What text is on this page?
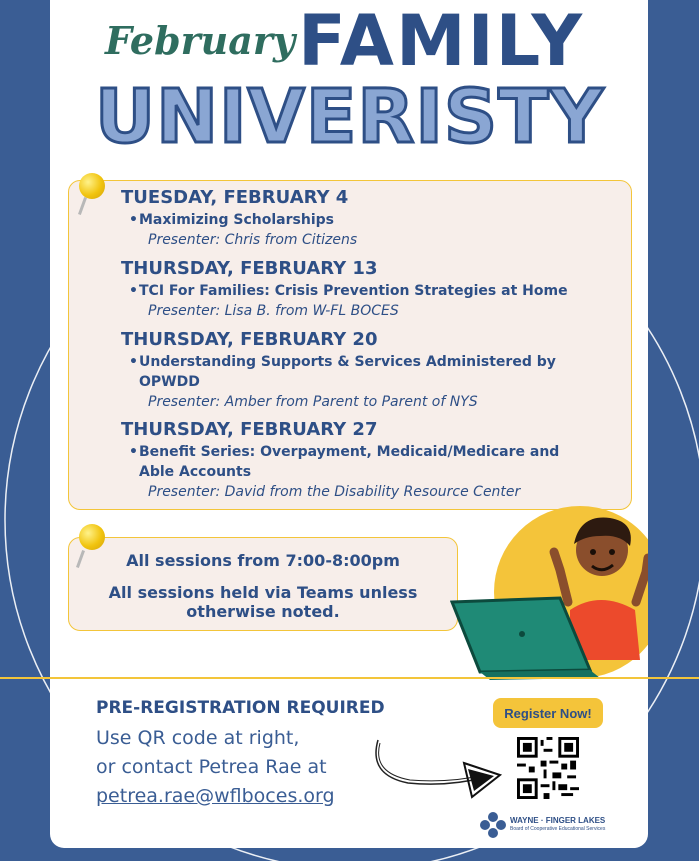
February FAMILY
UNIVERISTY
TUESDAY, FEBRUARY 4
• Maximizing Scholarships
Presenter: Chris from Citizens
THURSDAY, FEBRUARY 13
• TCI For Families: Crisis Prevention Strategies at Home
Presenter: Lisa B. from W-FL BOCES
THURSDAY, FEBRUARY 20
• Understanding Supports & Services Administered by
OPWDD
Presenter: Amber from Parent to Parent of NYS
THURSDAY, FEBRUARY 27
• Benefit Series: Overpayment, Medicaid/Medicare and
Able Accounts
Presenter: David from the Disability Resource Center
All sessions from 7:00-8:00pm
All sessions held via Teams unless
otherwise noted.
PRE-REGISTRATION REQUIRED
Use QR code at right,
or contact Petrea Rae at
petrea.rae@wflboces.org
Register Now!
WAYNE · FINGER LAKES
Board of Cooperative Educational Services
